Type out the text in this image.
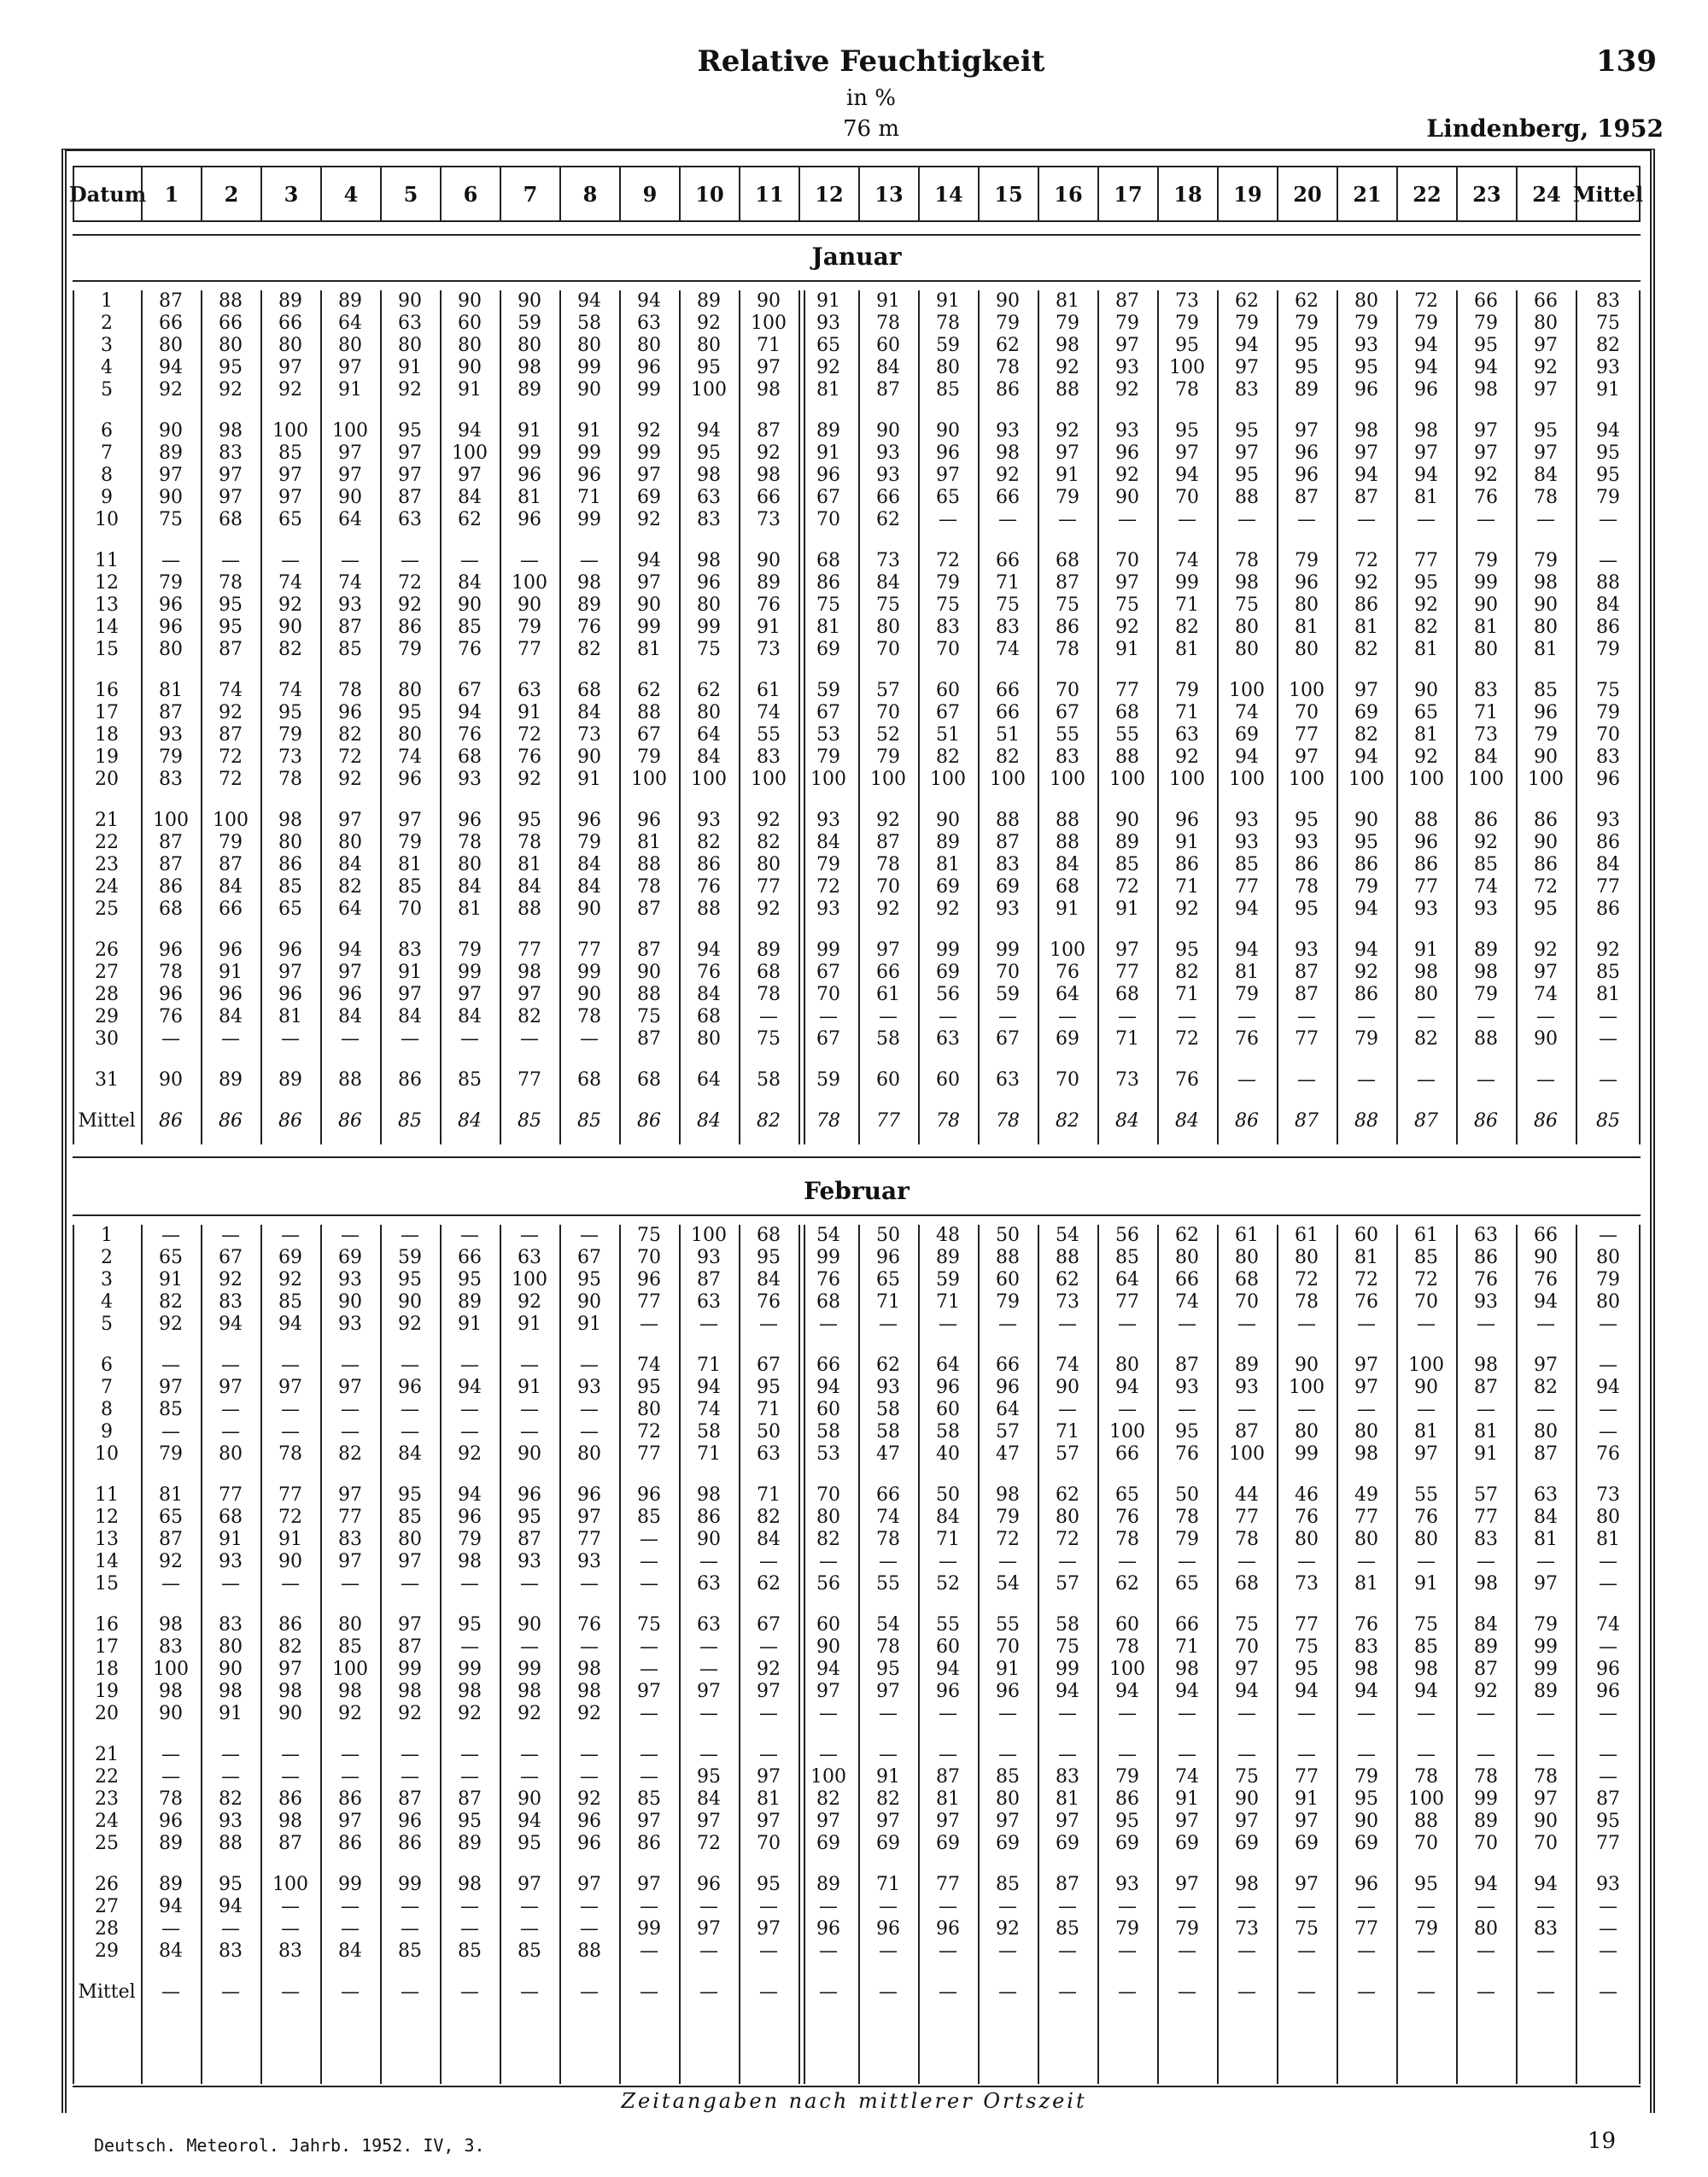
Relative Feuchtigkeit
in %
76 m
139
Lindenberg, 1952
Datum 1	2	3	4	5	6	7	8	9	10	11	12	13	14	15	16	17	18	19	20	21	22	23	24 Mittel
Januar
1	87	88	89	89	90	90	90	94	94	89	90	91	91	91	90	81	87	73	62	62	80	72	66	66	83
2	66	66	66	64	63	60	59	58	63	92	100	93	78	78	79	79	79	79	79	79	79	79	79	80	75
3	80	80	80	80	80	80	80	80	80	80	71	65	60	59	62	98	97	95	94	95	93	94	95	97	82
4	94	95	97	97	91	90	98	99	96	95	97	92	84	80	78	92	93	100	97	95	95	94	94	92	93
5	92	92	92	91	92	91	89	90	99	100	98	81	87	85	86	88	92	78	83	89	96	96	98	97	91
6	90	98	100	100	95	94	91	91	92	94	87	89	90	90	93	92	93	95	95	97	98	98	97	95	94
7	89	83	85	97	97	100	99	99	99	95	92	91	93	96	98	97	96	97	97	96	97	97	97	97	95
8	97	97	97	97	97	97	96	96	97	98	98	96	93	97	92	91	92	94	95	96	94	94	92	84	95
9	90	97	97	90	87	84	81	71	69	63	66	67	66	65	66	79	90	70	88	87	87	81	76	78	79
10	75	68	65	64	63	62	96	99	92	83	73	70	62	—	—	—	—	—	—	—	—	—	—	—	—
11	—	—	—	—	—	—	—	—	94	98	90	68	73	72	66	68	70	74	78	79	72	77	79	79	—
12	79	78	74	74	72	84	100	98	97	96	89	86	84	79	71	87	97	99	98	96	92	95	99	98	88
13	96	95	92	93	92	90	90	89	90	80	76	75	75	75	75	75	75	71	75	80	86	92	90	90	84
14	96	95	90	87	86	85	79	76	99	99	91	81	80	83	83	86	92	82	80	81	81	82	81	80	86
15	80	87	82	85	79	76	77	82	81	75	73	69	70	70	74	78	91	81	80	80	82	81	80	81	79
16	81	74	74	78	80	67	63	68	62	62	61	59	57	60	66	70	77	79	100	100	97	90	83	85	75
17	87	92	95	96	95	94	91	84	88	80	74	67	70	67	66	67	68	71	74	70	69	65	71	96	79
18	93	87	79	82	80	76	72	73	67	64	55	53	52	51	51	55	55	63	69	77	82	81	73	79	70
19	79	72	73	72	74	68	76	90	79	84	83	79	79	82	82	83	88	92	94	97	94	92	84	90	83
20	83	72	78	92	96	93	92	91	100	100	100	100	100	100	100	100	100	100	100	100	100	100	100	100	96
21	100	100	98	97	97	96	95	96	96	93	92	93	92	90	88	88	90	96	93	95	90	88	86	86	93
22	87	79	80	80	79	78	78	79	81	82	82	84	87	89	87	88	89	91	93	93	95	96	92	90	86
23	87	87	86	84	81	80	81	84	88	86	80	79	78	81	83	84	85	86	85	86	86	86	85	86	84
24	86	84	85	82	85	84	84	84	78	76	77	72	70	69	69	68	72	71	77	78	79	77	74	72	77
25	68	66	65	64	70	81	88	90	87	88	92	93	92	92	93	91	91	92	94	95	94	93	93	95	86
26	96	96	96	94	83	79	77	77	87	94	89	99	97	99	99	100	97	95	94	93	94	91	89	92	92
27	78	91	97	97	91	99	98	99	90	76	68	67	66	69	70	76	77	82	81	87	92	98	98	97	85
28	96	96	96	96	97	97	97	90	88	84	78	70	61	56	59	64	68	71	79	87	86	80	79	74	81
29	76	84	81	84	84	84	82	78	75	68	—	—	—	—	—	—	—	—	—	—	—	—	—	—	—
30	—	—	—	—	—	—	—	—	87	80	75	67	58	63	67	69	71	72	76	77	79	82	88	90	—
31	90	89	89	88	86	85	77	68	68	64	58	59	60	60	63	70	73	76	—	—	—	—	—	—	—
Mittel	86	86	86	86	85	84	85	85	86	84	82	78	77	78	78	82	84	84	86	87	88	87	86	86	85
Februar
1	—	—	—	—	—	—	—	—	75	100	68	54	50	48	50	54	56	62	61	61	60	61	63	66	—
2	65	67	69	69	59	66	63	67	70	93	95	99	96	89	88	88	85	80	80	80	81	85	86	90	80
3	91	92	92	93	95	95	100	95	96	87	84	76	65	59	60	62	64	66	68	72	72	72	76	76	79
4	82	83	85	90	90	89	92	90	77	63	76	68	71	71	79	73	77	74	70	78	76	70	93	94	80
5	92	94	94	93	92	91	91	91	—	—	—	—	—	—	—	—	—	—	—	—	—	—	—	—	—
6	—	—	—	—	—	—	—	—	74	71	67	66	62	64	66	74	80	87	89	90	97	100	98	97	—
7	97	97	97	97	96	94	91	93	95	94	95	94	93	96	96	90	94	93	93	100	97	90	87	82	94
8	85	—	—	—	—	—	—	—	80	74	71	60	58	60	64	—	—	—	—	—	—	—	—	—	—
9	—	—	—	—	—	—	—	—	72	58	50	58	58	58	57	71	100	95	87	80	80	81	81	80	—
10	79	80	78	82	84	92	90	80	77	71	63	53	47	40	47	57	66	76	100	99	98	97	91	87	76
11	81	77	77	97	95	94	96	96	96	98	71	70	66	50	98	62	65	50	44	46	49	55	57	63	73
12	65	68	72	77	85	96	95	97	85	86	82	80	74	84	79	80	76	78	77	76	77	76	77	84	80
13	87	91	91	83	80	79	87	77	—	90	84	82	78	71	72	72	78	79	78	80	80	80	83	81	81
14	92	93	90	97	97	98	93	93	—	—	—	—	—	—	—	—	—	—	—	—	—	—	—	—	—
15	—	—	—	—	—	—	—	—	—	63	62	56	55	52	54	57	62	65	68	73	81	91	98	97	—
16	98	83	86	80	97	95	90	76	75	63	67	60	54	55	55	58	60	66	75	77	76	75	84	79	74
17	83	80	82	85	87	—	—	—	—	—	—	90	78	60	70	75	78	71	70	75	83	85	89	99	—
18	100	90	97	100	99	99	99	98	—	—	92	94	95	94	91	99	100	98	97	95	98	98	87	99	96
19	98	98	98	98	98	98	98	98	97	97	97	97	97	96	96	94	94	94	94	94	94	94	92	89	96
20	90	91	90	92	92	92	92	92	—	—	—	—	—	—	—	—	—	—	—	—	—	—	—	—	—
21	—	—	—	—	—	—	—	—	—	—	—	—	—	—	—	—	—	—	—	—	—	—	—	—	—
22	—	—	—	—	—	—	—	—	—	95	97	100	91	87	85	83	79	74	75	77	79	78	78	78	—
23	78	82	86	86	87	87	90	92	85	84	81	82	82	81	80	81	86	91	90	91	95	100	99	97	87
24	96	93	98	97	96	95	94	96	97	97	97	97	97	97	97	97	95	97	97	97	90	88	89	90	95
25	89	88	87	86	86	89	95	96	86	72	70	69	69	69	69	69	69	69	69	69	69	70	70	70	77
26	89	95	100	99	99	98	97	97	97	96	95	89	71	77	85	87	93	97	98	97	96	95	94	94	93
27	94	94	—	—	—	—	—	—	—	—	—	—	—	—	—	—	—	—	—	—	—	—	—	—	—
28	—	—	—	—	—	—	—	—	99	97	97	96	96	96	92	85	79	79	73	75	77	79	80	83	—
29	84	83	83	84	85	85	85	88	—	—	—	—	—	—	—	—	—	—	—	—	—	—	—	—	—
Mittel	—	—	—	—	—	—	—	—	—	—	—	—	—	—	—	—	—	—	—	—	—	—	—	—	—
Zeitangaben nach mittlerer Ortszeit
Deutsch. Meteorol. Jahrb. 1952. IV, 3.	19
